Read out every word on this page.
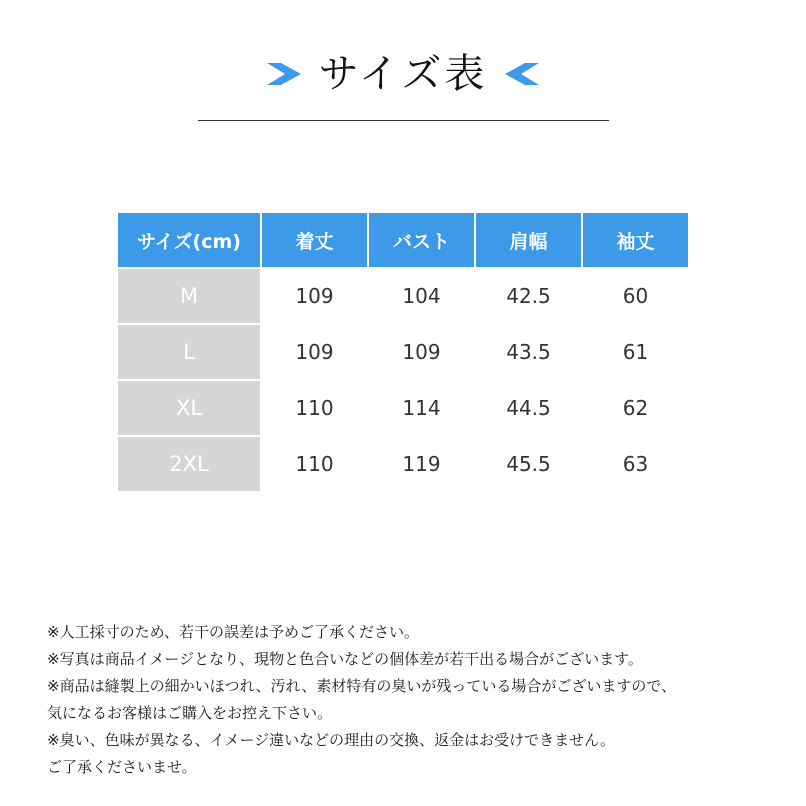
サイズ表
サイズ(cm)	着丈	バスト	肩幅	袖丈
M	109	104	42.5	60
L	109	109	43.5	61
XL	110	114	44.5	62
2XL	110	119	45.5	63

※人工採寸のため、若干の誤差は予めご了承ください。

※写真は商品イメージとなり、現物と色合いなどの個体差が若干出る場合がございます。

※商品は縫製上の細かいほつれ、汚れ、素材特有の臭いが残っている場合がございますので、

気になるお客様はご購入をお控え下さい。

※臭い、色味が異なる、イメージ違いなどの理由の交換、返金はお受けできません。

ご了承くださいませ。
